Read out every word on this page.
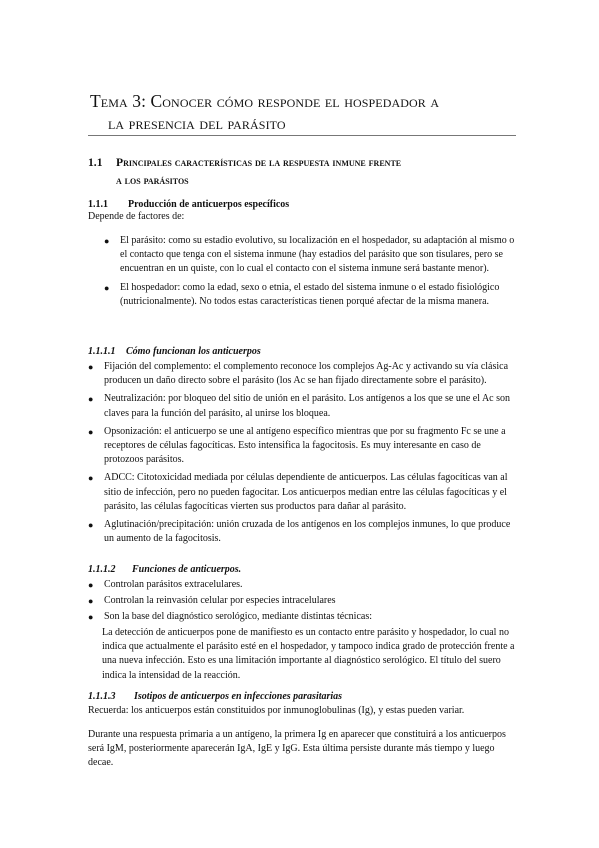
Tema 3: Conocer cómo responde el hospedador a
la presencia del parásito
1.1 Principales características de la respuesta inmune frente
a los parásitos
1.1.1 Producción de anticuerpos específicos
Depende de factores de:
● El parásito: como su estadio evolutivo, su localización en el hospedador, su adaptación al mismo o el contacto que tenga con el sistema inmune (hay estadios del parásito que son tisulares, pero se encuentran en un quiste, con lo cual el contacto con el sistema inmune será bastante menor).
● El hospedador: como la edad, sexo o etnia, el estado del sistema inmune o el estado fisiológico (nutricionalmente). No todos estas características tienen porqué afectar de la misma manera.
1.1.1.1 Cómo funcionan los anticuerpos
● Fijación del complemento: el complemento reconoce los complejos Ag-Ac y activando su vía clásica producen un daño directo sobre el parásito (los Ac se han fijado directamente sobre el parásito).
● Neutralización: por bloqueo del sitio de unión en el parásito. Los antígenos a los que se une el Ac son claves para la función del parásito, al unirse los bloquea.
● Opsonización: el anticuerpo se une al antígeno específico mientras que por su fragmento Fc se une a receptores de células fagocíticas. Esto intensifica la fagocitosis. Es muy interesante en caso de protozoos parásitos.
● ADCC: Citotoxicidad mediada por células dependiente de anticuerpos. Las células fagocíticas van al sitio de infección, pero no pueden fagocitar. Los anticuerpos median entre las células fagocíticas y el parásito, las células fagocíticas vierten sus productos para dañar al parásito.
● Aglutinación/precipitación: unión cruzada de los antígenos en los complejos inmunes, lo que produce un aumento de la fagocitosis.
1.1.1.2 Funciones de anticuerpos.
● Controlan parásitos extracelulares.
● Controlan la reinvasión celular por especies intracelulares
● Son la base del diagnóstico serológico, mediante distintas técnicas:
La detección de anticuerpos pone de manifiesto es un contacto entre parásito y hospedador, lo cual no indica que actualmente el parásito esté en el hospedador, y tampoco indica grado de protección frente a una nueva infección. Esto es una limitación importante al diagnóstico serológico. El título del suero indica la intensidad de la reacción.
1.1.1.3 Isotipos de anticuerpos en infecciones parasitarias
Recuerda: los anticuerpos están constituidos por inmunoglobulinas (Ig), y estas pueden variar.
Durante una respuesta primaria a un antígeno, la primera Ig en aparecer que constituirá a los anticuerpos será IgM, posteriormente aparecerán IgA, IgE y IgG. Esta última persiste durante más tiempo y luego decae.
